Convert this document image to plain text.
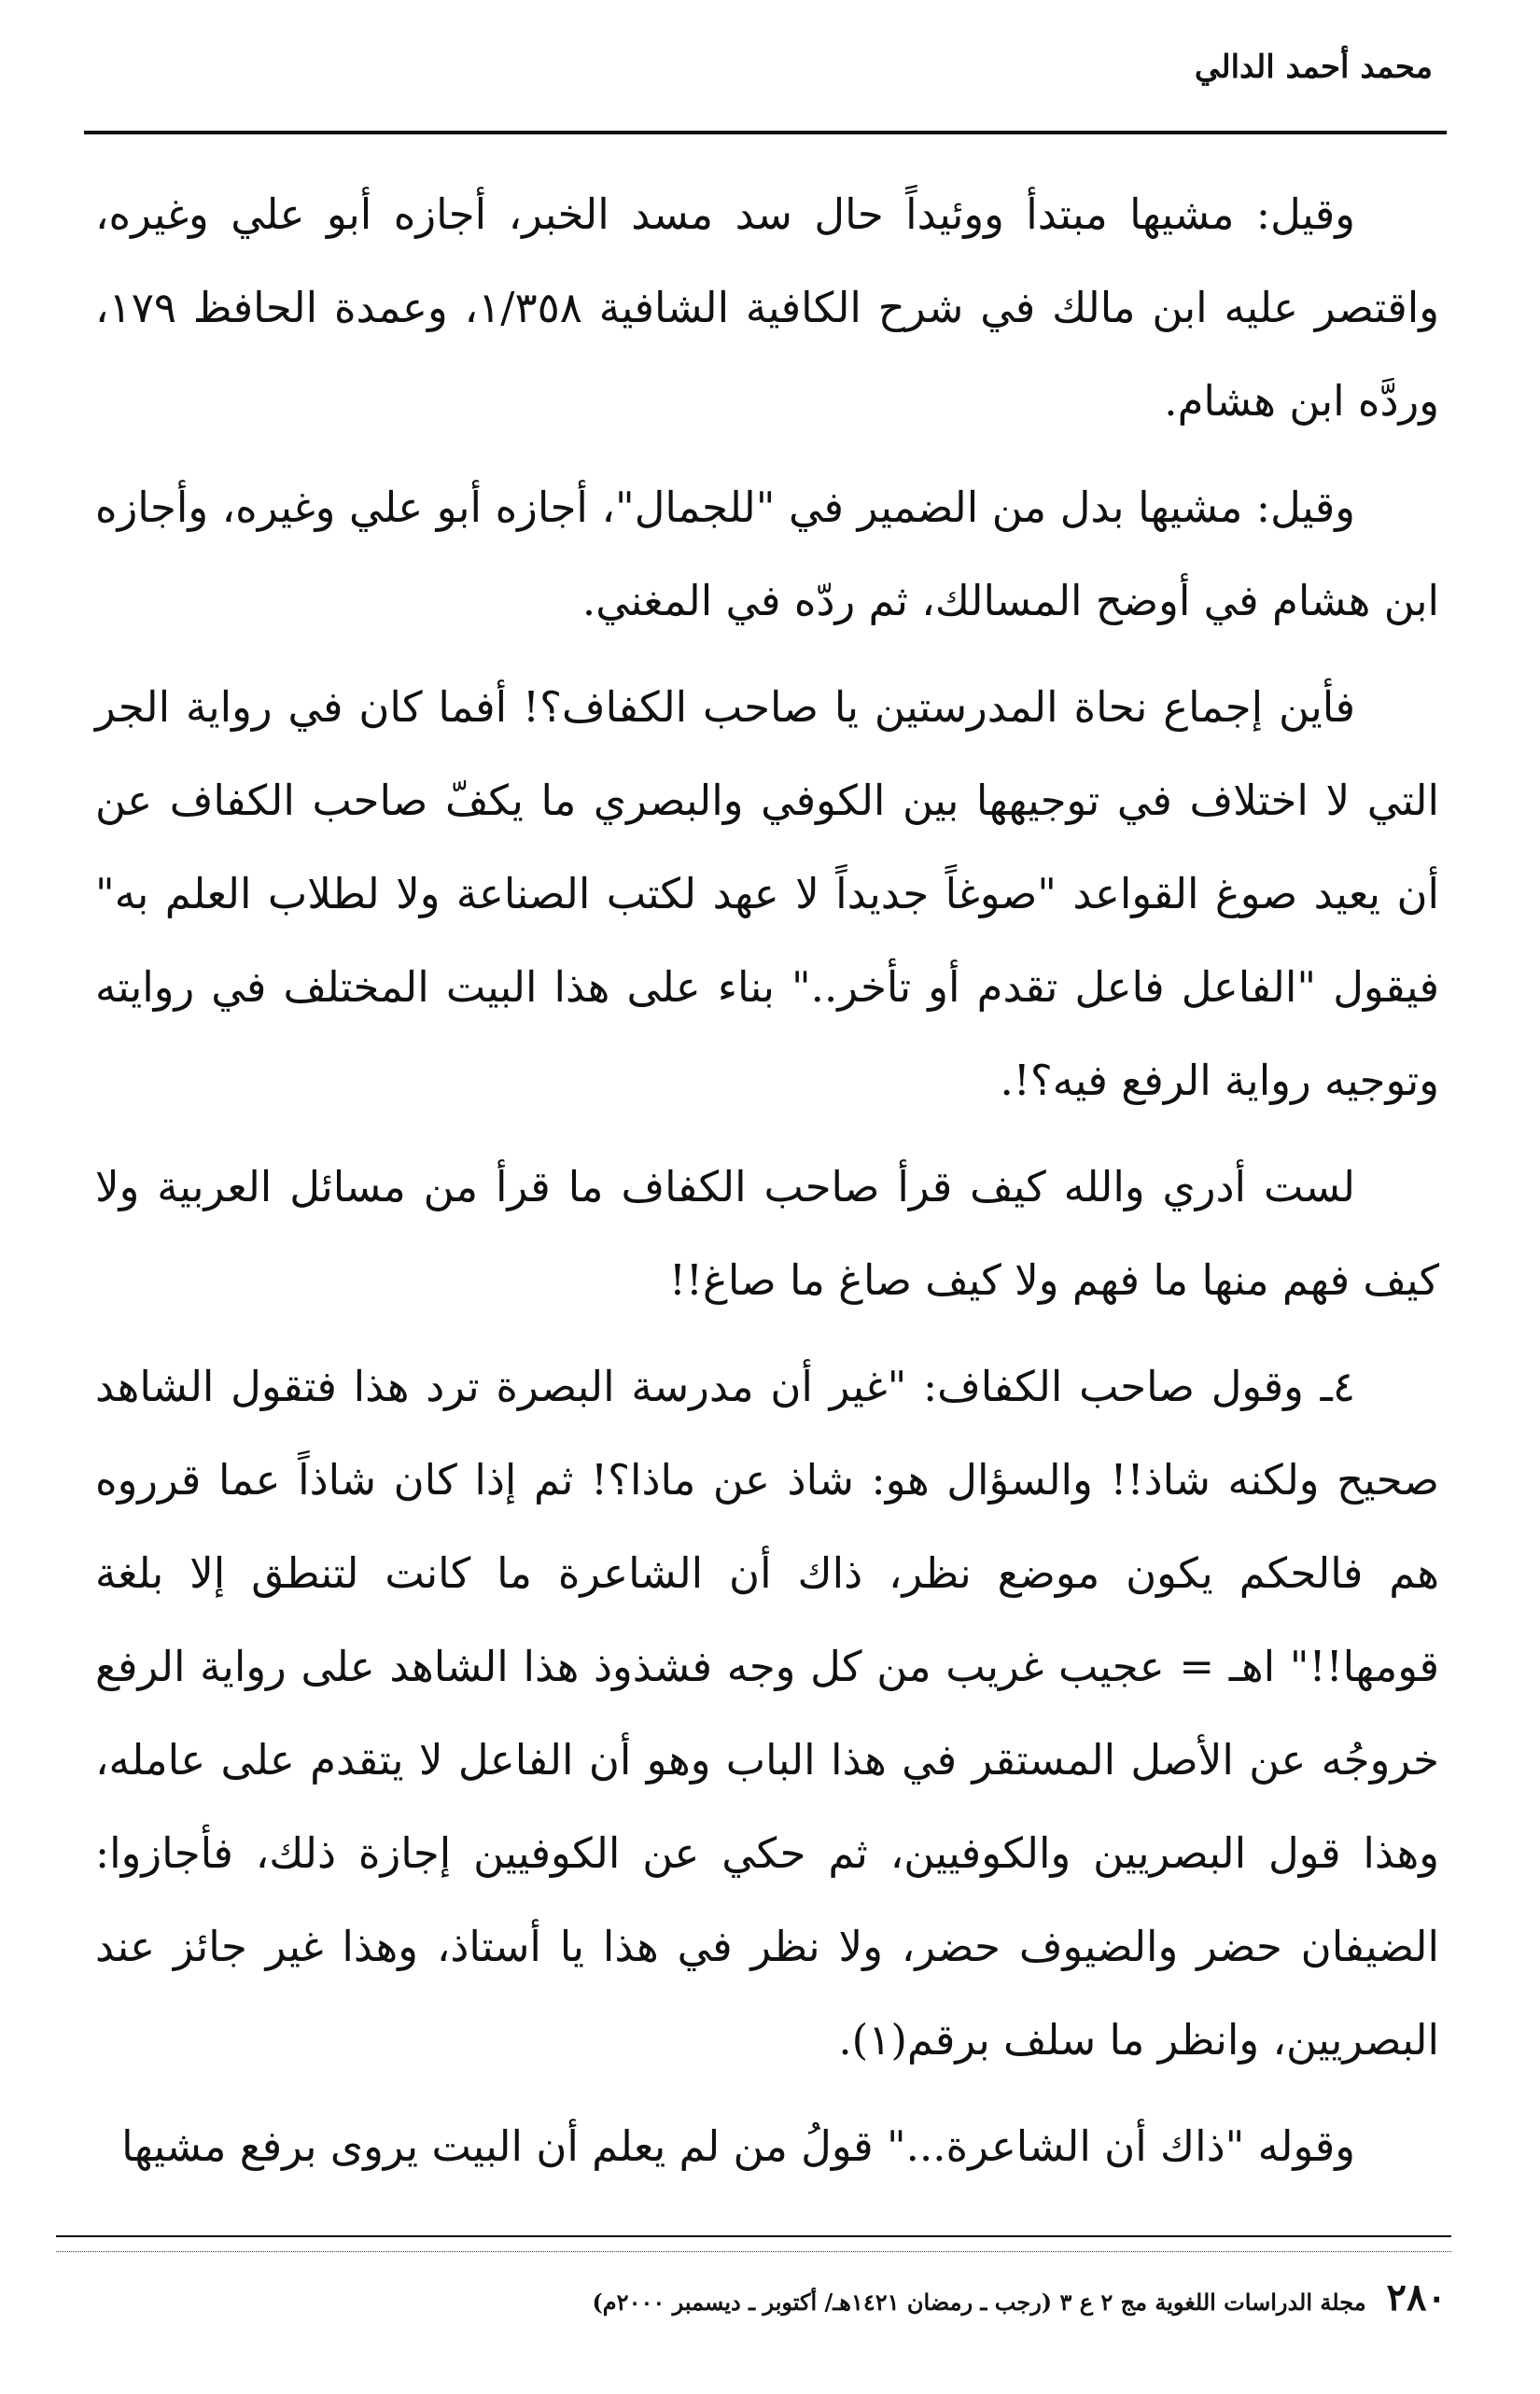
محمد أحمد الدالي

وقيل: مشيها مبتدأ ووئيداً حال سد مسد الخبر، أجازه أبو علي وغيره، واقتصر عليه ابن مالك في شرح الكافية الشافية ١/٣٥٨، وعمدة الحافظ ١٧٩، وردَّه ابن هشام.

وقيل: مشيها بدل من الضمير في "للجمال"، أجازه أبو علي وغيره، وأجازه ابن هشام في أوضح المسالك، ثم ردّه في المغني.

فأين إجماع نحاة المدرستين يا صاحب الكفاف؟! أفما كان في رواية الجر التي لا اختلاف في توجيهها بين الكوفي والبصري ما يكفّ صاحب الكفاف عن أن يعيد صوغ القواعد "صوغاً جديداً لا عهد لكتب الصناعة ولا لطلاب العلم به" فيقول "الفاعل فاعل تقدم أو تأخر.." بناء على هذا البيت المختلف في روايته وتوجيه رواية الرفع فيه؟!.

لست أدري والله كيف قرأ صاحب الكفاف ما قرأ من مسائل العربية ولا كيف فهم منها ما فهم ولا كيف صاغ ما صاغ!!

٤ـ وقول صاحب الكفاف: "غير أن مدرسة البصرة ترد هذا فتقول الشاهد صحيح ولكنه شاذ!! والسؤال هو: شاذ عن ماذا؟! ثم إذا كان شاذاً عما قرروه هم فالحكم يكون موضع نظر، ذاك أن الشاعرة ما كانت لتنطق إلا بلغة قومها!!" اهـ = عجيب غريب من كل وجه فشذوذ هذا الشاهد على رواية الرفع خروجُه عن الأصل المستقر في هذا الباب وهو أن الفاعل لا يتقدم على عامله، وهذا قول البصريين والكوفيين، ثم حكي عن الكوفيين إجازة ذلك، فأجازوا: الضيفان حضر والضيوف حضر، ولا نظر في هذا يا أستاذ، وهذا غير جائز عند البصريين، وانظر ما سلف برقم(١).

وقوله "ذاك أن الشاعرة..." قولُ من لم يعلم أن البيت يروى برفع مشيها

٢٨٠
مجلة الدراسات اللغوية مج ٢ ع ٣ (رجب ـ رمضان ١٤٢١هـ/ أكتوبر ـ ديسمبر ٢٠٠٠م)
